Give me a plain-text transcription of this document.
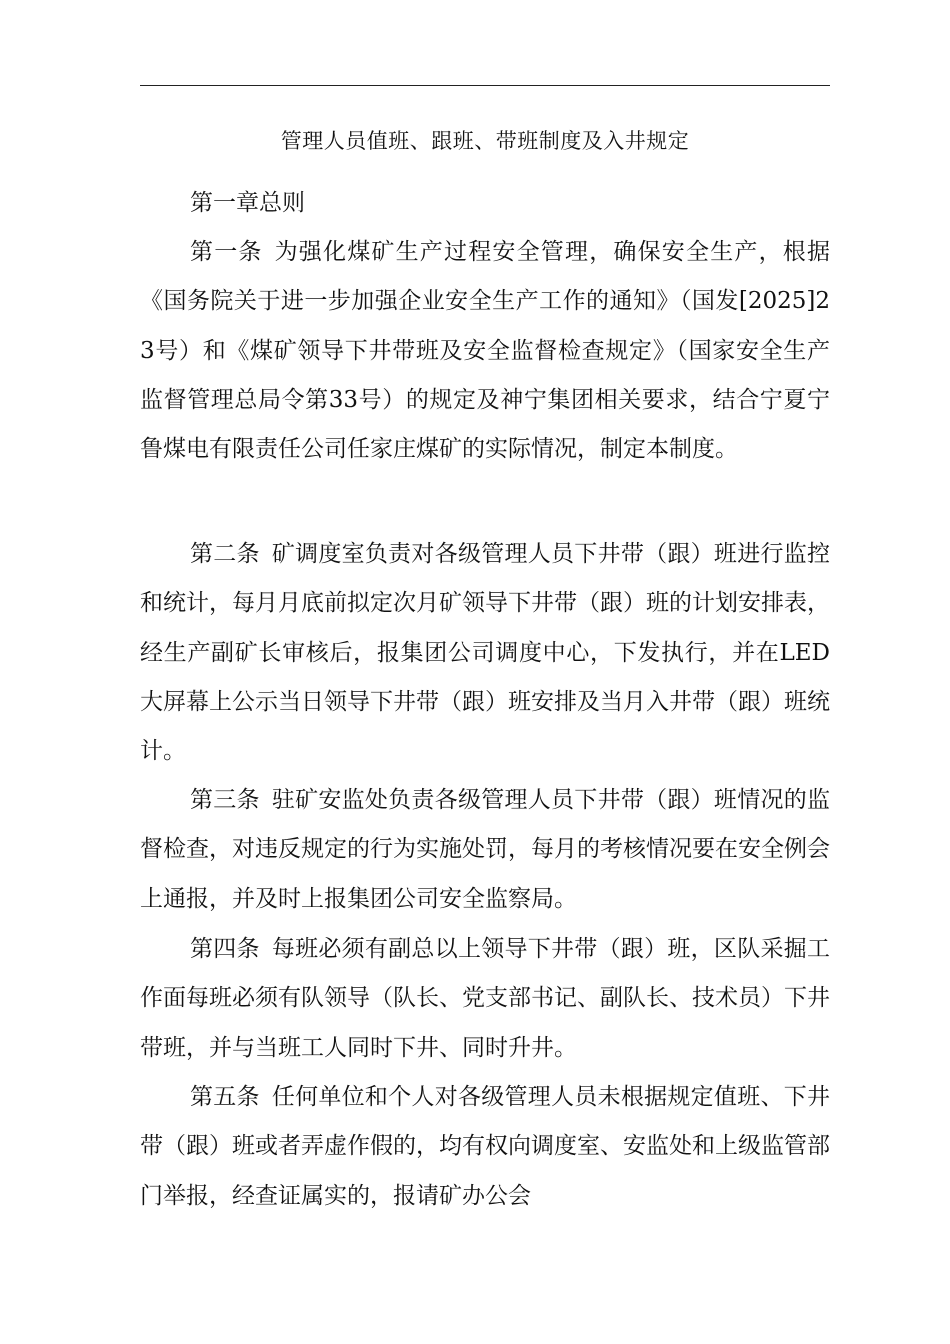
管理人员值班、跟班、带班制度及入井规定
第一章总则

第一条 为强化煤矿生产过程安全管理，确保安全生产，根据《国务院关于进一步加强企业安全生产工作的通知》（国发[2025]23号）和《煤矿领导下井带班及安全监督检查规定》（国家安全生产监督管理总局令第33号）的规定及神宁集团相关要求，结合宁夏宁鲁煤电有限责任公司任家庄煤矿的实际情况，制定本制度。

第二条 矿调度室负责对各级管理人员下井带（跟）班进行监控和统计，每月月底前拟定次月矿领导下井带（跟）班的计划安排表，经生产副矿长审核后，报集团公司调度中心，下发执行，并在LED大屏幕上公示当日领导下井带（跟）班安排及当月入井带（跟）班统计。

第三条 驻矿安监处负责各级管理人员下井带（跟）班情况的监督检查，对违反规定的行为实施处罚，每月的考核情况要在安全例会上通报，并及时上报集团公司安全监察局。

第四条 每班必须有副总以上领导下井带（跟）班，区队采掘工作面每班必须有队领导（队长、党支部书记、副队长、技术员）下井带班，并与当班工人同时下井、同时升井。

第五条 任何单位和个人对各级管理人员未根据规定值班、下井带（跟）班或者弄虚作假的，均有权向调度室、安监处和上级监管部门举报，经查证属实的，报请矿办公会
